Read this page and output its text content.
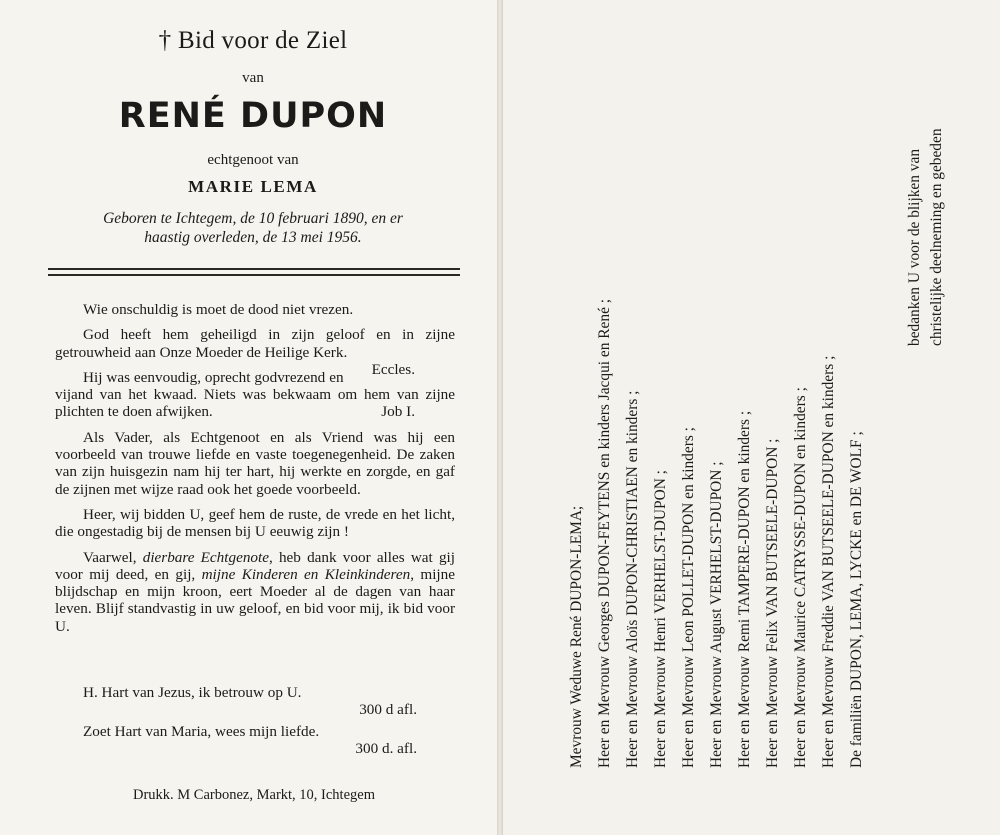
† Bid voor de Ziel
van
RENÉ DUPON
echtgenoot van
MARIE LEMA
Geboren te Ichtegem, de 10 februari 1890, en er
haastig overleden, de 13 mei 1956.

Wie onschuldig is moet de dood niet vrezen.

God heeft hem geheiligd in zijn geloof en in zijne getrouwheid aan Onze Moeder de Heilige Kerk.
Eccles.

Hij was eenvoudig, oprecht godvrezend en vijand van het kwaad. Niets was bekwaam om hem van zijne plichten te doen afwijken.	Job I.

Als Vader, als Echtgenoot en als Vriend was hij een voorbeeld van trouwe liefde en vaste toegenegenheid. De zaken van zijn huisgezin nam hij ter hart, hij werkte en zorgde, en gaf de zijnen met wijze raad ook het goede voorbeeld.

Heer, wij bidden U, geef hem de ruste, de vrede en het licht, die ongestadig bij de mensen bij U eeuwig zijn !

Vaarwel, dierbare Echtgenote, heb dank voor alles wat gij voor mij deed, en gij, mijne Kinderen en Kleinkinderen, mijne blijdschap en mijn kroon, eert Moeder al de dagen van haar leven. Blijf standvastig in uw geloof, en bid voor mij, ik bid voor U.

H. Hart van Jezus, ik betrouw op U.
300 d afl.
Zoet Hart van Maria, wees mijn liefde.
300 d. afl.
Drukk. M Carbonez, Markt, 10, Ichtegem
Mevrouw Weduwe René DUPON-LEMA; Heer en Mevrouw Georges DUPON-FEYTENS en kinders Jacqui en René ; Heer en Mevrouw Aloïs DUPON-CHRISTIAEN en kinders ; Heer en Mevrouw Henri VERHELST-DUPON ; Heer en Mevrouw Leon POLLET-DUPON en kinders ; Heer en Mevrouw August VERHELST-DUPON ; Heer en Mevrouw Remi TAMPERE-DUPON en kinders ; Heer en Mevrouw Felix VAN BUTSEELE-DUPON ; Heer en Mevrouw Maurice CATRYSSE-DUPON en kinders ; Heer en Mevrouw Freddie VAN BUTSEELE-DUPON en kinders ; De familiën DUPON, LEMA, LYCKE en DE WOLF ;
bedanken U voor de blijken van christelijke deelneming en gebeden
